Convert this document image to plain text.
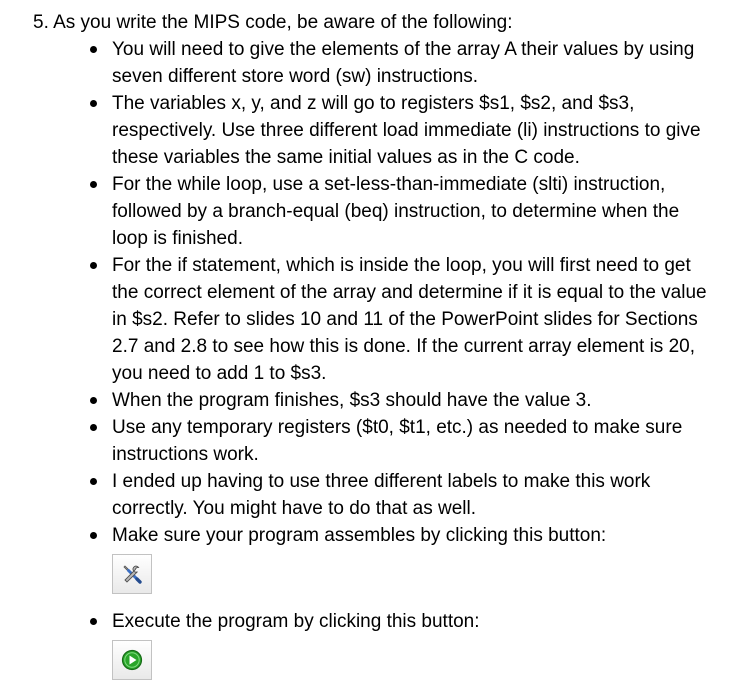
5. As you write the MIPS code, be aware of the following:

You will need to give the elements of the array A their values by using seven different store word (sw) instructions.
The variables x, y, and z will go to registers $s1, $s2, and $s3, respectively. Use three different load immediate (li) instructions to give these variables the same initial values as in the C code.
For the while loop, use a set-less-than-immediate (slti) instruction, followed by a branch-equal (beq) instruction, to determine when the loop is finished.
For the if statement, which is inside the loop, you will first need to get the correct element of the array and determine if it is equal to the value in $s2. Refer to slides 10 and 11 of the PowerPoint slides for Sections 2.7 and 2.8 to see how this is done. If the current array element is 20, you need to add 1 to $s3.
When the program finishes, $s3 should have the value 3.
Use any temporary registers ($t0, $t1, etc.) as needed to make sure instructions work.
I ended up having to use three different labels to make this work correctly. You might have to do that as well.
Make sure your program assembles by clicking this button:
Execute the program by clicking this button:
